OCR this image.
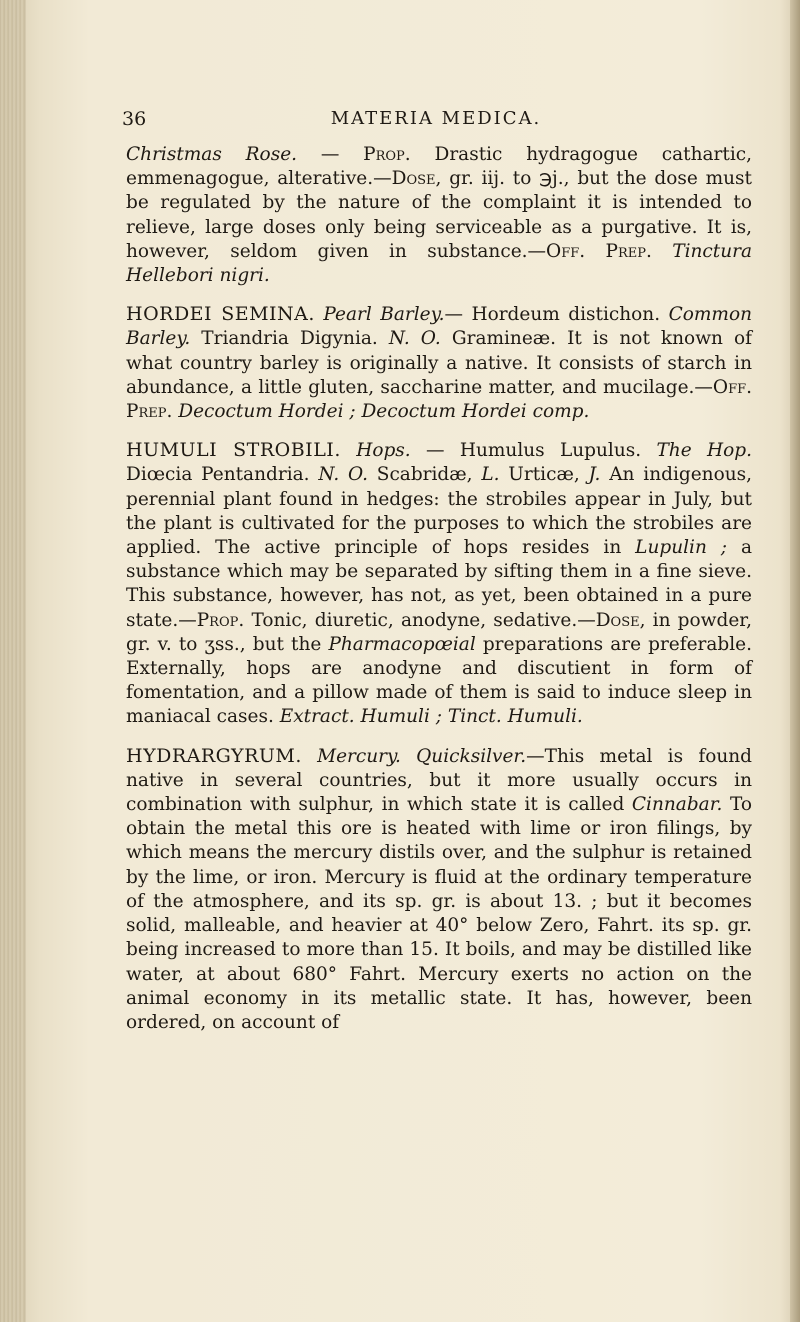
36	MATERIA MEDICA.

Christmas Rose. — Prop. Drastic hydragogue cathartic, emmenagogue, alterative.—Dose, gr. iij. to ℈j., but the dose must be regulated by the nature of the complaint it is intended to relieve, large doses only being serviceable as a purgative. It is, however, seldom given in substance.—Off. Prep. Tinctura Hellebori nigri.

HORDEI SEMINA. Pearl Barley.— Hordeum distichon. Common Barley. Triandria Digynia. N. O. Gramineæ. It is not known of what country barley is originally a native. It consists of starch in abundance, a little gluten, saccharine matter, and mucilage.—Off. Prep. Decoctum Hordei ; Decoctum Hordei comp.

HUMULI STROBILI. Hops. — Humulus Lupulus. The Hop. Diœcia Pentandria. N. O. Scabridæ, L. Urticæ, J. An indigenous, perennial plant found in hedges: the strobiles appear in July, but the plant is cultivated for the purposes to which the strobiles are applied. The active principle of hops resides in Lupulin ; a substance which may be separated by sifting them in a fine sieve. This substance, however, has not, as yet, been obtained in a pure state.—Prop. Tonic, diuretic, anodyne, sedative.—Dose, in powder, gr. v. to ʒss., but the Pharmacopœial preparations are preferable. Externally, hops are anodyne and discutient in form of fomentation, and a pillow made of them is said to induce sleep in maniacal cases. Extract. Humuli ; Tinct. Humuli.

HYDRARGYRUM. Mercury. Quicksilver.—This metal is found native in several countries, but it more usually occurs in combination with sulphur, in which state it is called Cinnabar. To obtain the metal this ore is heated with lime or iron filings, by which means the mercury distils over, and the sulphur is retained by the lime, or iron. Mercury is fluid at the ordinary temperature of the atmosphere, and its sp. gr. is about 13. ; but it becomes solid, malleable, and heavier at 40° below Zero, Fahrt. its sp. gr. being increased to more than 15. It boils, and may be distilled like water, at about 680° Fahrt. Mercury exerts no action on the animal economy in its metallic state. It has, however, been ordered, on account of
